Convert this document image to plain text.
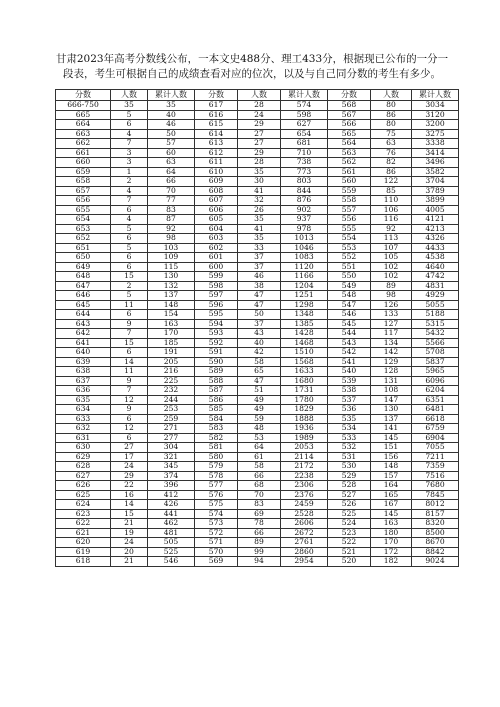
甘肃2023年高考分数线公布，一本文史488分、理工433分，根据现已公布的一分一段表，考生可根据自己的成绩查看对应的位次，以及与自己同分数的考生有多少。

分数	人数	累计人数	分数	人数	累计人数	分数	人数	累计人数
666-750	35	35	617	28	574	568	80	3034
665	5	40	616	24	598	567	86	3120
664	6	46	615	29	627	566	80	3200
663	4	50	614	27	654	565	75	3275
662	7	57	613	27	681	564	63	3338
661	3	60	612	29	710	563	76	3414
660	3	63	611	28	738	562	82	3496
659	1	64	610	35	773	561	86	3582
658	2	66	609	30	803	560	122	3704
657	4	70	608	41	844	559	85	3789
656	7	77	607	32	876	558	110	3899
655	6	83	606	26	902	557	106	4005
654	4	87	605	35	937	556	116	4121
653	5	92	604	41	978	555	92	4213
652	6	98	603	35	1013	554	113	4326
651	5	103	602	33	1046	553	107	4433
650	6	109	601	37	1083	552	105	4538
649	6	115	600	37	1120	551	102	4640
648	15	130	599	46	1166	550	102	4742
647	2	132	598	38	1204	549	89	4831
646	5	137	597	47	1251	548	98	4929
645	11	148	596	47	1298	547	126	5055
644	6	154	595	50	1348	546	133	5188
643	9	163	594	37	1385	545	127	5315
642	7	170	593	43	1428	544	117	5432
641	15	185	592	40	1468	543	134	5566
640	6	191	591	42	1510	542	142	5708
639	14	205	590	58	1568	541	129	5837
638	11	216	589	65	1633	540	128	5965
637	9	225	588	47	1680	539	131	6096
636	7	232	587	51	1731	538	108	6204
635	12	244	586	49	1780	537	147	6351
634	9	253	585	49	1829	536	130	6481
633	6	259	584	59	1888	535	137	6618
632	12	271	583	48	1936	534	141	6759
631	6	277	582	53	1989	533	145	6904
630	27	304	581	64	2053	532	151	7055
629	17	321	580	61	2114	531	156	7211
628	24	345	579	58	2172	530	148	7359
627	29	374	578	66	2238	529	157	7516
626	22	396	577	68	2306	528	164	7680
625	16	412	576	70	2376	527	165	7845
624	14	426	575	83	2459	526	167	8012
623	15	441	574	69	2528	525	145	8157
622	21	462	573	78	2606	524	163	8320
621	19	481	572	66	2672	523	180	8500
620	24	505	571	89	2761	522	170	8670
619	20	525	570	99	2860	521	172	8842
618	21	546	569	94	2954	520	182	9024
